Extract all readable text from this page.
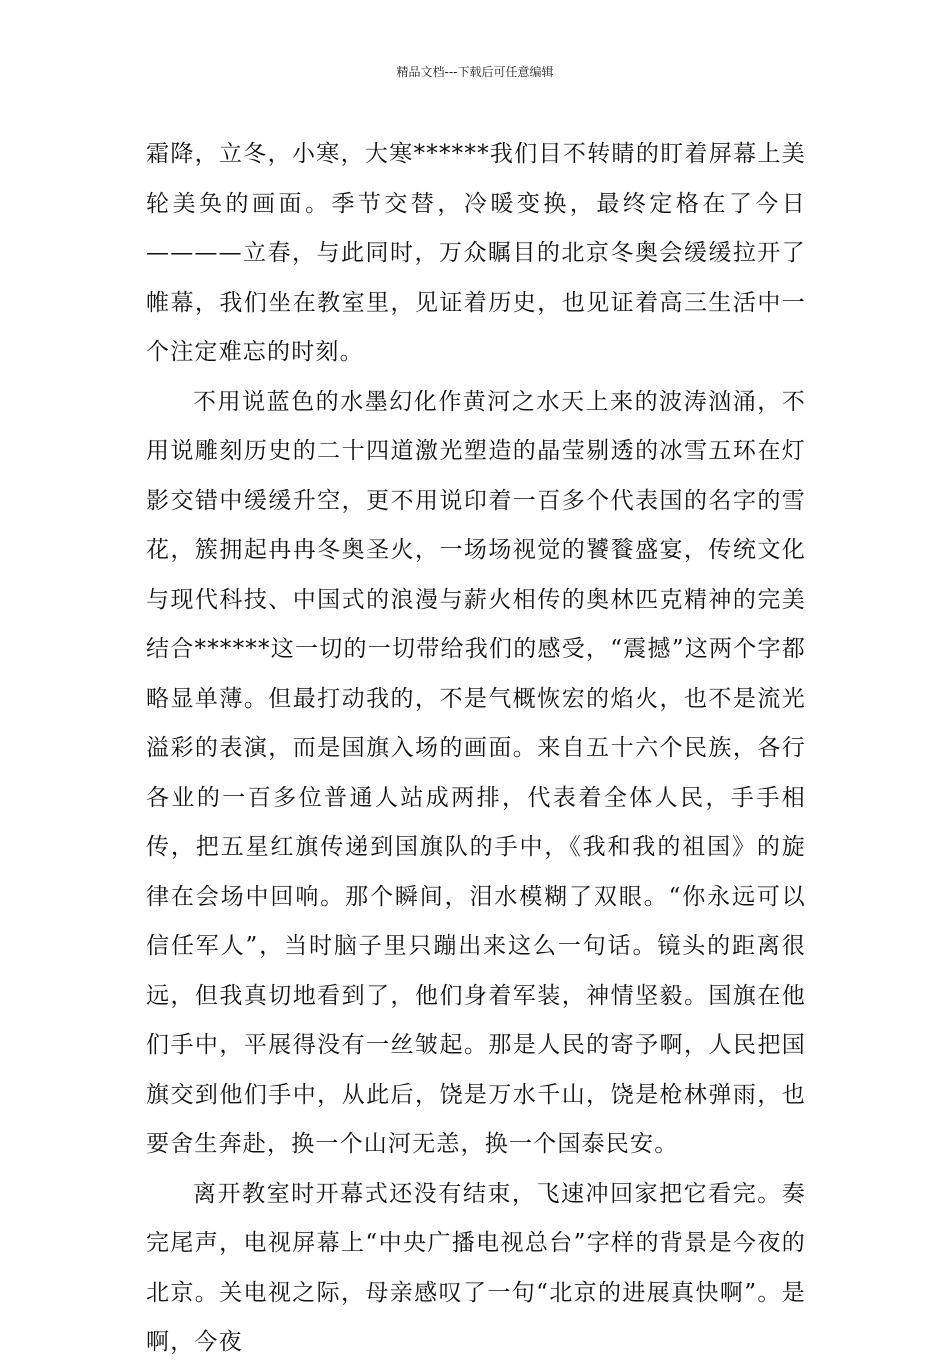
精品文档---下载后可任意编辑

霜降，立冬，小寒，大寒******我们目不转睛的盯着屏幕上美轮美奂的画面。季节交替，冷暖变换，最终定格在了今日————立春，与此同时，万众瞩目的北京冬奥会缓缓拉开了帷幕，我们坐在教室里，见证着历史，也见证着高三生活中一个注定难忘的时刻。

不用说蓝色的水墨幻化作黄河之水天上来的波涛汹涌，不用说雕刻历史的二十四道激光塑造的晶莹剔透的冰雪五环在灯影交错中缓缓升空，更不用说印着一百多个代表国的名字的雪花，簇拥起冉冉冬奥圣火，一场场视觉的饕餮盛宴，传统文化与现代科技、中国式的浪漫与薪火相传的奥林匹克精神的完美结合******这一切的一切带给我们的感受，“震撼”这两个字都略显单薄。但最打动我的，不是气概恢宏的焰火，也不是流光溢彩的表演，而是国旗入场的画面。来自五十六个民族，各行各业的一百多位普通人站成两排，代表着全体人民，手手相传，把五星红旗传递到国旗队的手中，《我和我的祖国》的旋律在会场中回响。那个瞬间，泪水模糊了双眼。“你永远可以信任军人”，当时脑子里只蹦出来这么一句话。镜头的距离很远，但我真切地看到了，他们身着军装，神情坚毅。国旗在他们手中，平展得没有一丝皱起。那是人民的寄予啊，人民把国旗交到他们手中，从此后，饶是万水千山，饶是枪林弹雨，也要舍生奔赴，换一个山河无恙，换一个国泰民安。

离开教室时开幕式还没有结束，飞速冲回家把它看完。奏完尾声，电视屏幕上“中央广播电视总台”字样的背景是今夜的北京。关电视之际，母亲感叹了一句“北京的进展真快啊”。是啊，今夜
